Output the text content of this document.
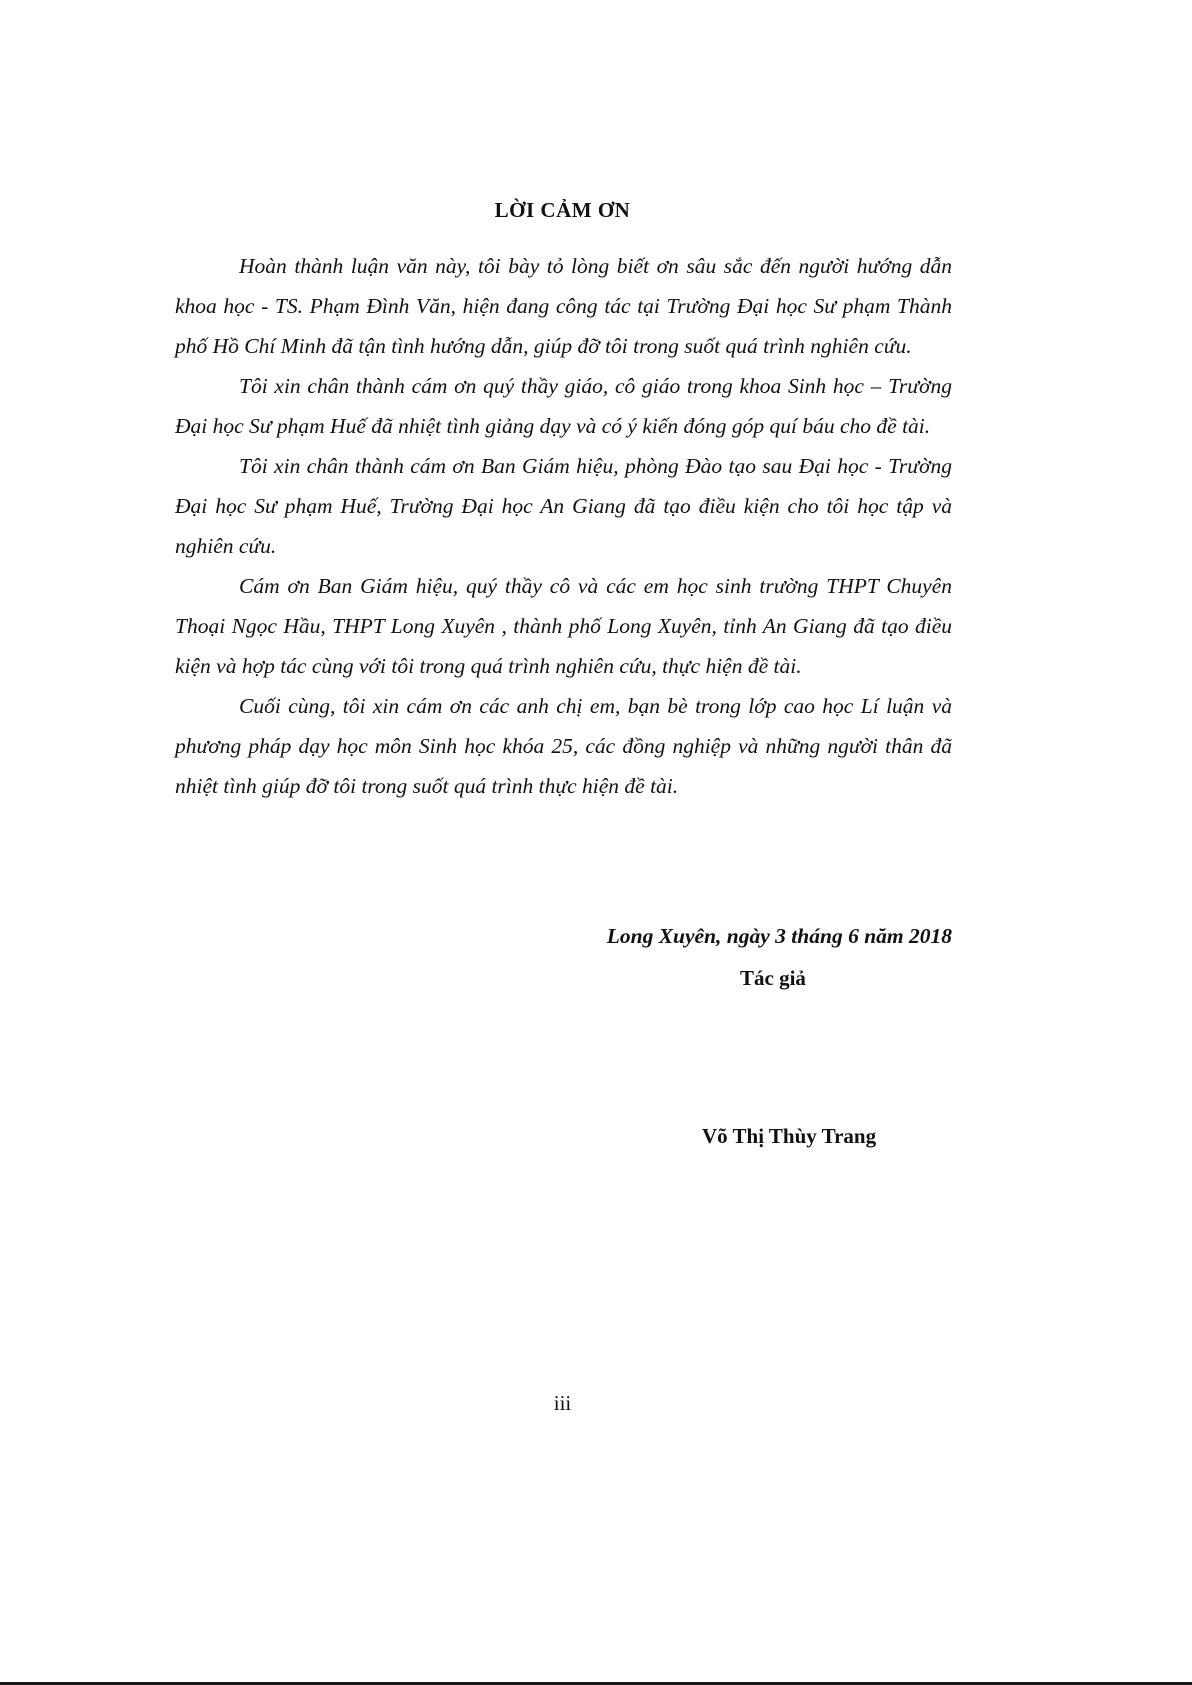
LỜI CẢM ƠN

Hoàn thành luận văn này, tôi bày tỏ lòng biết ơn sâu sắc đến người hướng dẫn khoa học - TS. Phạm Đình Văn, hiện đang công tác tại Trường Đại học Sư phạm Thành phố Hồ Chí Minh đã tận tình hướng dẫn, giúp đỡ tôi trong suốt quá trình nghiên cứu.

Tôi xin chân thành cám ơn quý thầy giáo, cô giáo trong khoa Sinh học – Trường Đại học Sư phạm Huế đã nhiệt tình giảng dạy và có ý kiến đóng góp quí báu cho đề tài.

Tôi xin chân thành cám ơn Ban Giám hiệu, phòng Đào tạo sau Đại học - Trường Đại học Sư phạm Huế, Trường Đại học An Giang đã tạo điều kiện cho tôi học tập và nghiên cứu.

Cám ơn Ban Giám hiệu, quý thầy cô và các em học sinh trường THPT Chuyên Thoại Ngọc Hầu, THPT Long Xuyên , thành phố Long Xuyên, tỉnh An Giang đã tạo điều kiện và hợp tác cùng với tôi trong quá trình nghiên cứu, thực hiện đề tài.

Cuối cùng, tôi xin cám ơn các anh chị em, bạn bè trong lớp cao học Lí luận và phương pháp dạy học môn Sinh học khóa 25, các đồng nghiệp và những người thân đã nhiệt tình giúp đỡ tôi trong suốt quá trình thực hiện đề tài.

Long Xuyên, ngày 3 tháng 6 năm 2018
Tác giả
Võ Thị Thùy Trang
iii
